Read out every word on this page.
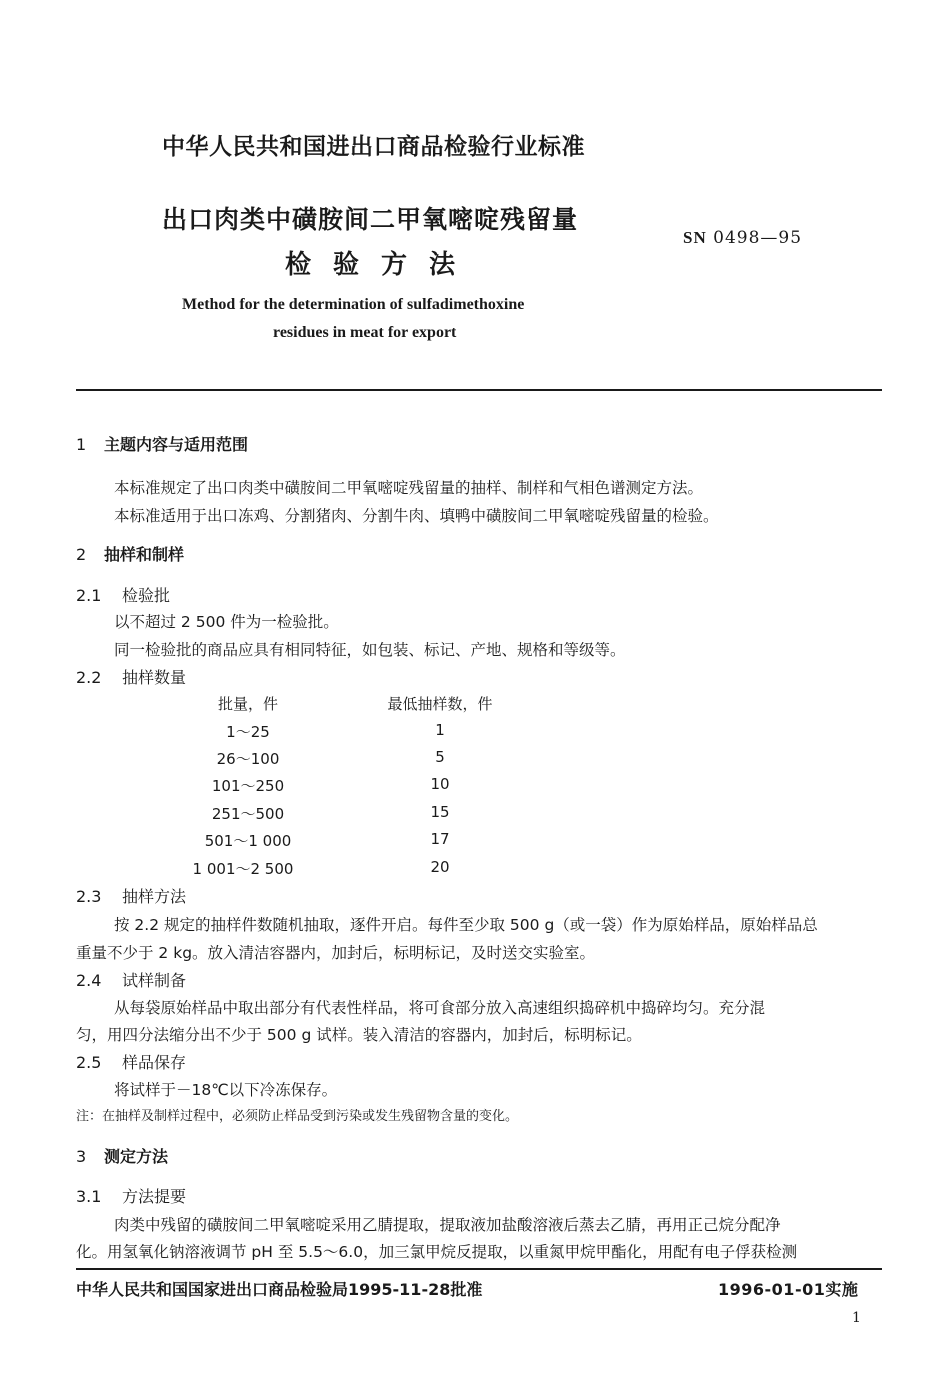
中华人民共和国进出口商品检验行业标准
出口肉类中磺胺间二甲氧嘧啶残留量
检验方法
SN 0498—95
Method for the determination of sulfadimethoxine
residues in meat for export
1 主题内容与适用范围
本标准规定了出口肉类中磺胺间二甲氧嘧啶残留量的抽样、制样和气相色谱测定方法。
本标准适用于出口冻鸡、分割猪肉、分割牛肉、填鸭中磺胺间二甲氧嘧啶残留量的检验。
2 抽样和制样
2.1 检验批
以不超过 2 500 件为一检验批。
同一检验批的商品应具有相同特征，如包装、标记、产地、规格和等级等。
2.2 抽样数量
批量，件	最低抽样数，件
1～25	1
26～100	5
101～250	10
251～500	15
501～1 000	17
1 001～2 500	20
2.3 抽样方法
按 2.2 规定的抽样件数随机抽取，逐件开启。每件至少取 500 g（或一袋）作为原始样品，原始样品总
重量不少于 2 kg。放入清洁容器内，加封后，标明标记，及时送交实验室。
2.4 试样制备
从每袋原始样品中取出部分有代表性样品，将可食部分放入高速组织捣碎机中捣碎均匀。充分混
匀，用四分法缩分出不少于 500 g 试样。装入清洁的容器内，加封后，标明标记。
2.5 样品保存
将试样于－18℃以下冷冻保存。
注：在抽样及制样过程中，必须防止样品受到污染或发生残留物含量的变化。
3 测定方法
3.1 方法提要
肉类中残留的磺胺间二甲氧嘧啶采用乙腈提取，提取液加盐酸溶液后蒸去乙腈，再用正己烷分配净
化。用氢氧化钠溶液调节 pH 至 5.5～6.0，加三氯甲烷反提取，以重氮甲烷甲酯化，用配有电子俘获检测
中华人民共和国国家进出口商品检验局1995-11-28批准	1996-01-01实施
1
